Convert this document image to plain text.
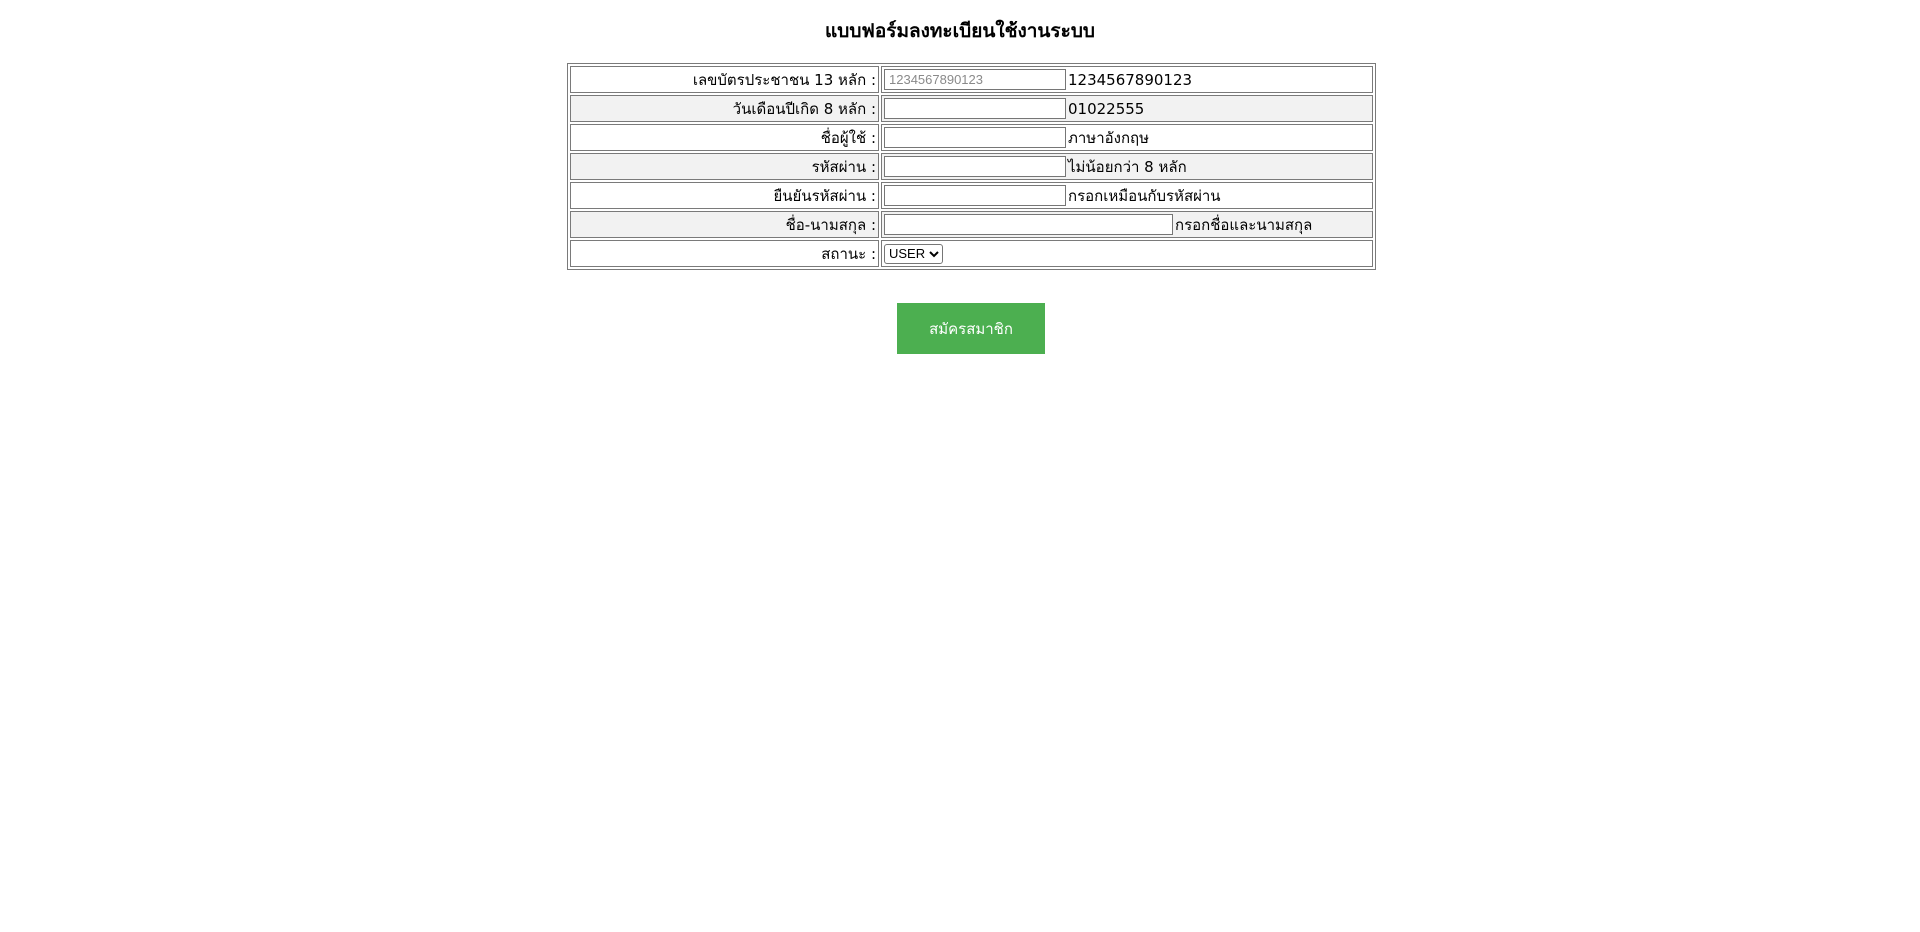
แบบฟอร์มลงทะเบียนใช้งานระบบ
เลขบัตรประชาชน 13 หลัก :	12345678901231234567890123
วันเดือนปีเกิด 8 หลัก :	01022555
ชื่อผู้ใช้ :	ภาษาอังกฤษ
รหัสผ่าน :	ไม่น้อยกว่า 8 หลัก
ยืนยันรหัสผ่าน :	กรอกเหมือนกับรหัสผ่าน
ชื่อ-นามสกุล :	กรอกชื่อและนามสกุล
สถานะ :	
USER
สมัครสมาชิก
